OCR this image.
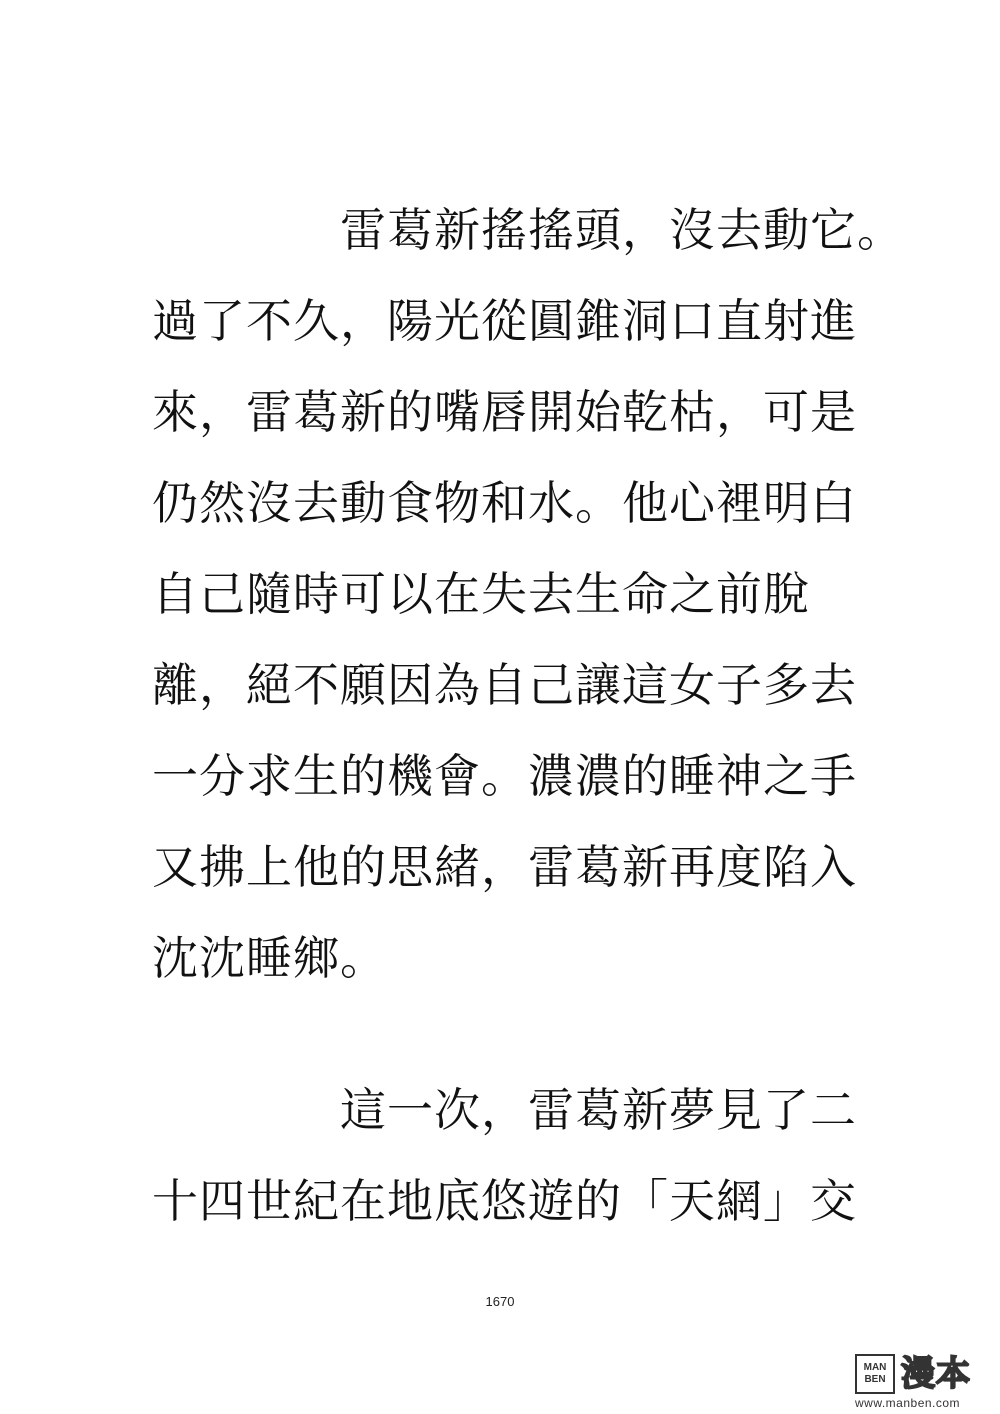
雷葛新搖搖頭，沒去動它。
過了不久，陽光從圓錐洞口直射進
來，雷葛新的嘴唇開始乾枯，可是
仍然沒去動食物和水。他心裡明白
自己隨時可以在失去生命之前脫
離，絕不願因為自己讓這女子多去
一分求生的機會。濃濃的睡神之手
又拂上他的思緒，雷葛新再度陷入
沈沈睡鄉。
這一次，雷葛新夢見了二
十四世紀在地底悠遊的「天網」交
1670
MAN
BEN 漫本
www.manben.com
